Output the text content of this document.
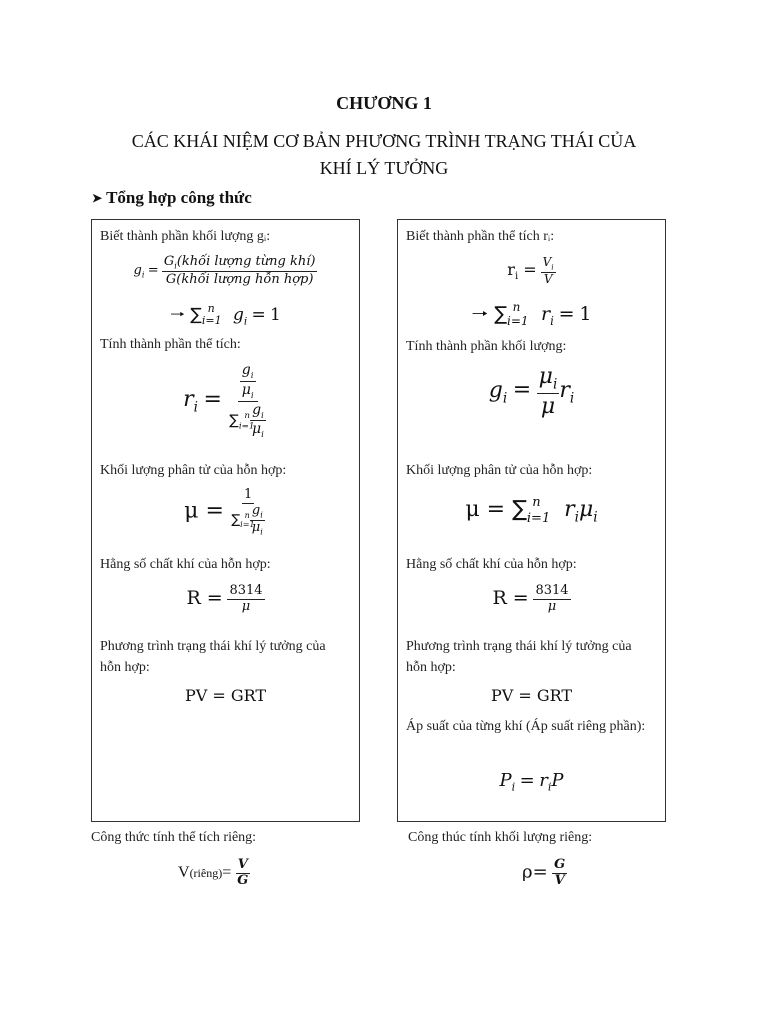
CHƯƠNG 1
CÁC KHÁI NIỆM CƠ BẢN PHƯƠNG TRÌNH TRẠNG THÁI CỦA
KHÍ LÝ TƯỞNG
➤ Tổng hợp công thức
Biết thành phần khối lượng gᵢ:
$g_i = \frac{G_i(khối lượng từng khí)}{\text{G(khối lượng hỗn hợp)}}$
🠒 $\sum_{i=1}^n$ $g_i = 1$
Tính thành phần thể tích:
$r_i = \frac{\frac{g_i}{\mu_i}}{\sum_{i=1}^n \frac{g_i}{\mu_i}}$
Khối lượng phân tử của hỗn hợp:
$\mu = \frac{1}{\sum_{i=1}^n \frac{g_i}{\mu_i}}$
Hằng số chất khí của hỗn hợp:
$R = \frac{8314}{\mu}$
Phương trình trạng thái khí lý tưởng của hỗn hợp:
PV = GRT
Biết thành phần thể tích rᵢ:
$r_i = \frac{V_i}{V}$
🠒 $\sum_{i=1}^n$ $r_i = 1$
Tính thành phần khối lượng:
$g_i = \frac{\mu_i}{\mu} r_i$
Khối lượng phân tử của hỗn hợp:
$\mu = \sum_{i=1}^n$ $r_i\mu_i$
Hằng số chất khí của hỗn hợp:
$R = \frac{8314}{\mu}$
Phương trình trạng thái khí lý tưởng của hỗn hợp:
PV = GRT
Áp suất của từng khí (Áp suất riêng phần):
$P_i = r_iP$
Công thức tính thể tích riêng:
V(riêng)= $\frac{V}{G}$
Công thúc tính khối lượng riêng:
$\rho= \frac{G}{V}$
